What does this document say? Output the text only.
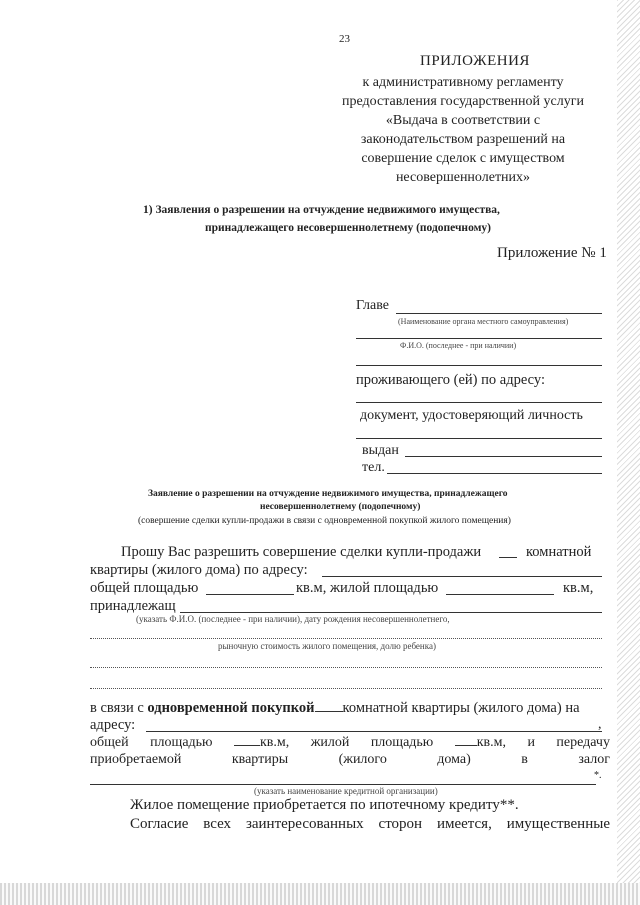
23
ПРИЛОЖЕНИЯ
к административному регламенту
предоставления государственной услуги
«Выдача в соответствии с
законодательством разрешений на
совершение сделок с имуществом
несовершеннолетних»
1) Заявления о разрешении на отчуждение недвижимого имущества,
принадлежащего несовершеннолетнему (подопечному)
Приложение № 1
Главе
(Наименование органа местного самоуправления)
Ф.И.О. (последнее - при наличии)
проживающего (ей) по адресу:
документ, удостоверяющий личность
выдан
тел.
Заявление о разрешении на отчуждение недвижимого имущества, принадлежащего
несовершеннолетнему (подопечному)
(совершение сделки купли-продажи в связи с одновременной покупкой жилого помещения)
Прошу Вас разрешить совершение сделки купли-продажи	комнатной
квартиры (жилого дома) по адресу:
общей площадью	кв.м, жилой площадью	кв.м,
принадлежащ
(указать Ф.И.О. (последнее - при наличии), дату рождения несовершеннолетнего,
рыночную стоимость жилого помещения, долю ребенка)
в связи с одновременной покупкой комнатной квартиры (жилого дома) на
адресу:	,
общей площадью	кв.м, жилой площадью	кв.м, и передачу
приобретаемой	квартиры	(жилого	дома)	в	залог
*.
(указать наименование кредитной организации)
Жилое помещение приобретается по ипотечному кредиту**.
Согласие всех заинтересованных сторон имеется, имущественные
